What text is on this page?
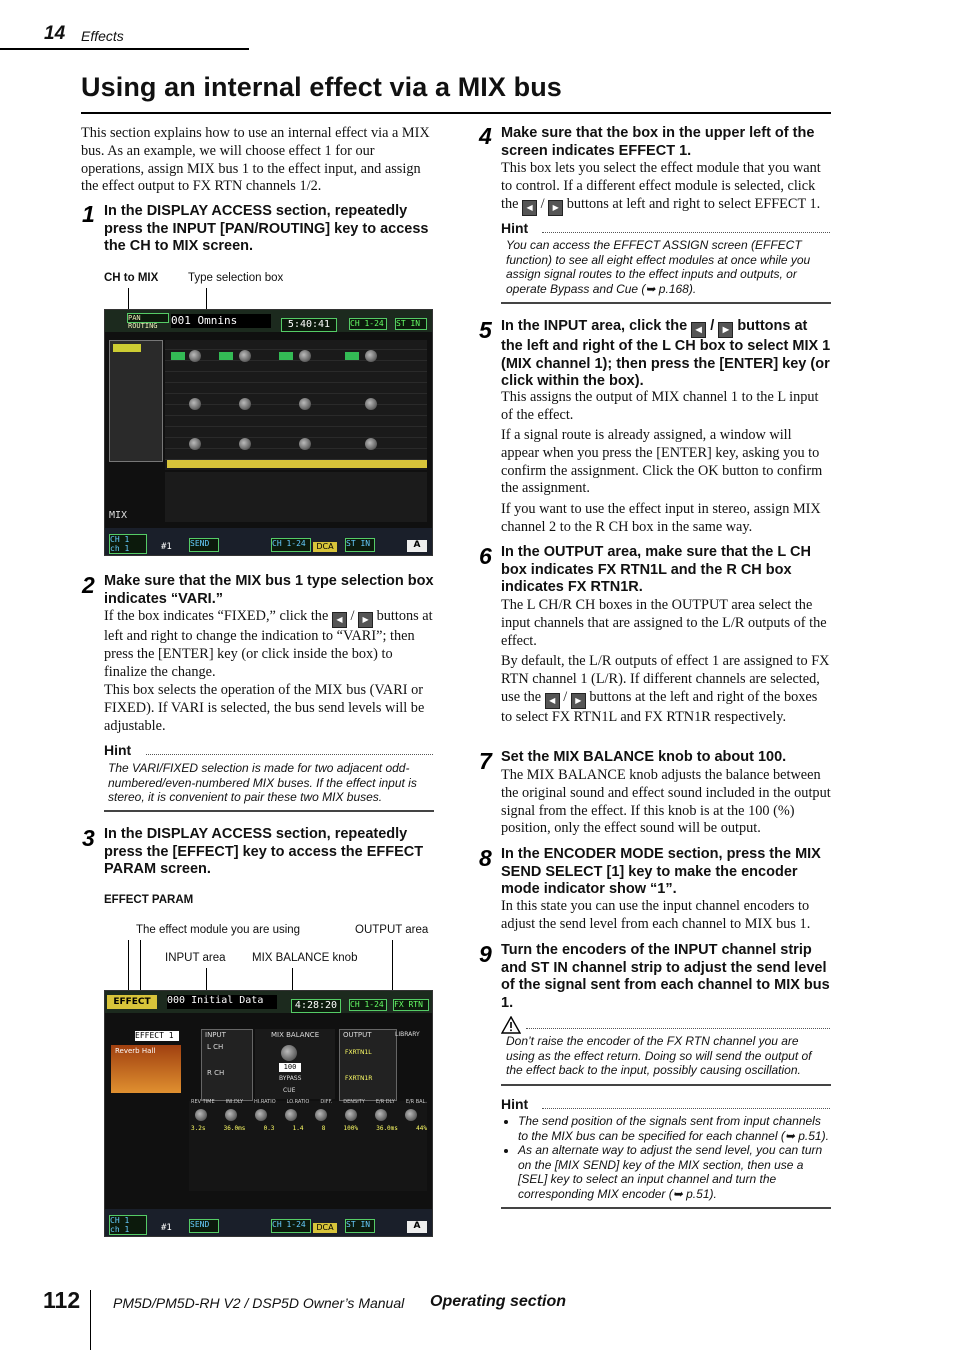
14 Effects
Using an internal effect via a MIX bus

This section explains how to use an internal effect via a MIX bus. As an example, we will choose effect 1 for our operations, assign MIX bus 1 to the effect input, and assign the effect output to FX RTN channels 1/2.

1 In the DISPLAY ACCESS section, repeatedly press the INPUT [PAN/ROUTING] key to access the CH to MIX screen.
CH to MIX	Type selection box
PAN ROUTING	001 Omnins	5:40:41	CH 1-24	ST IN
MIX
CH 1
ch 1	#1 SEND	CH 1-24	DCA	ST IN	A
2 Make sure that the MIX bus 1 type selection box indicates “VARI.”

If the box indicates “FIXED,” click the ◀ / ▶ buttons at left and right to change the indication to “VARI”; then press the [ENTER] key (or click inside the box) to finalize the change.

This box selects the operation of the MIX bus (VARI or FIXED). If VARI is selected, the bus send levels will be adjustable.

Hint
The VARI/FIXED selection is made for two adjacent odd-numbered/even-numbered MIX buses. If the effect input is stereo, it is convenient to pair these two MIX buses.
3 In the DISPLAY ACCESS section, repeatedly press the [EFFECT] key to access the EFFECT PARAM screen.
EFFECT PARAM
The effect module you are using	OUTPUT area
INPUT area MIX BALANCE knob
EFFECT	000 Initial Data	4:28:20	CH 1-24	FX RTN
EFFECT 1
Reverb Hall
INPUT
L CH
R CH
MIX BALANCE
100
BYPASS
CUE
OUTPUT
FXRTN1L
FXRTN1R
LIBRARY
REV TIME INI.DLY HI.RATIO LO.RATIO DIFF. DENSITY E/R DLY E/R BAL.
3.2s	36.0ms	0.3	1.4	8	100%	36.0ms	44%
CH 1
ch 1	#1 SEND	CH 1-24	DCA	ST IN	A
4 Make sure that the box in the upper left of the screen indicates EFFECT 1.

This box lets you select the effect module that you want to control. If a different effect module is selected, click the ◀ / ▶ buttons at left and right to select EFFECT 1.

Hint
You can access the EFFECT ASSIGN screen (EFFECT function) to see all eight effect modules at once while you assign signal routes to the effect inputs and outputs, or operate Bypass and Cue (➥ p.168).
5 In the INPUT area, click the ◀ / ▶ buttons at the left and right of the L CH box to select MIX 1 (MIX channel 1); then press the [ENTER] key (or click within the box).

This assigns the output of MIX channel 1 to the L input of the effect.

If a signal route is already assigned, a window will appear when you press the [ENTER] key, asking you to confirm the assignment. Click the OK button to confirm the assignment.

If you want to use the effect input in stereo, assign MIX channel 2 to the R CH box in the same way.

6 In the OUTPUT area, make sure that the L CH box indicates FX RTN1L and the R CH box indicates FX RTN1R.

The L CH/R CH boxes in the OUTPUT area select the input channels that are assigned to the L/R outputs of the effect.

By default, the L/R outputs of effect 1 are assigned to FX RTN channel 1 (L/R). If different channels are selected, use the ◀ / ▶ buttons at the left and right of the boxes to select FX RTN1L and FX RTN1R respectively.

7 Set the MIX BALANCE knob to about 100.

The MIX BALANCE knob adjusts the balance between the original sound and effect sound included in the output signal from the effect. If this knob is at the 100 (%) position, only the effect sound will be output.

8 In the ENCODER MODE section, press the MIX SEND SELECT [1] key to make the encoder mode indicator show “1”.

In this state you can use the input channel encoders to adjust the send level from each channel to MIX bus 1.

9 Turn the encoders of the INPUT channel strip and ST IN channel strip to adjust the send level of the signal sent from each channel to MIX bus 1.
Don’t raise the encoder of the FX RTN channel you are using as the effect return. Doing so will send the output of the effect back to the input, possibly causing oscillation.
Hint
• The send position of the signals sent from input channels to the MIX bus can be specified for each channel (➥ p.51).
• As an alternate way to adjust the send level, you can turn on the [MIX SEND] key of the MIX section, then use a [SEL] key to select an input channel and turn the corresponding MIX encoder (➥ p.51).
112 PM5D/PM5D-RH V2 / DSP5D Owner’s Manual Operating section
